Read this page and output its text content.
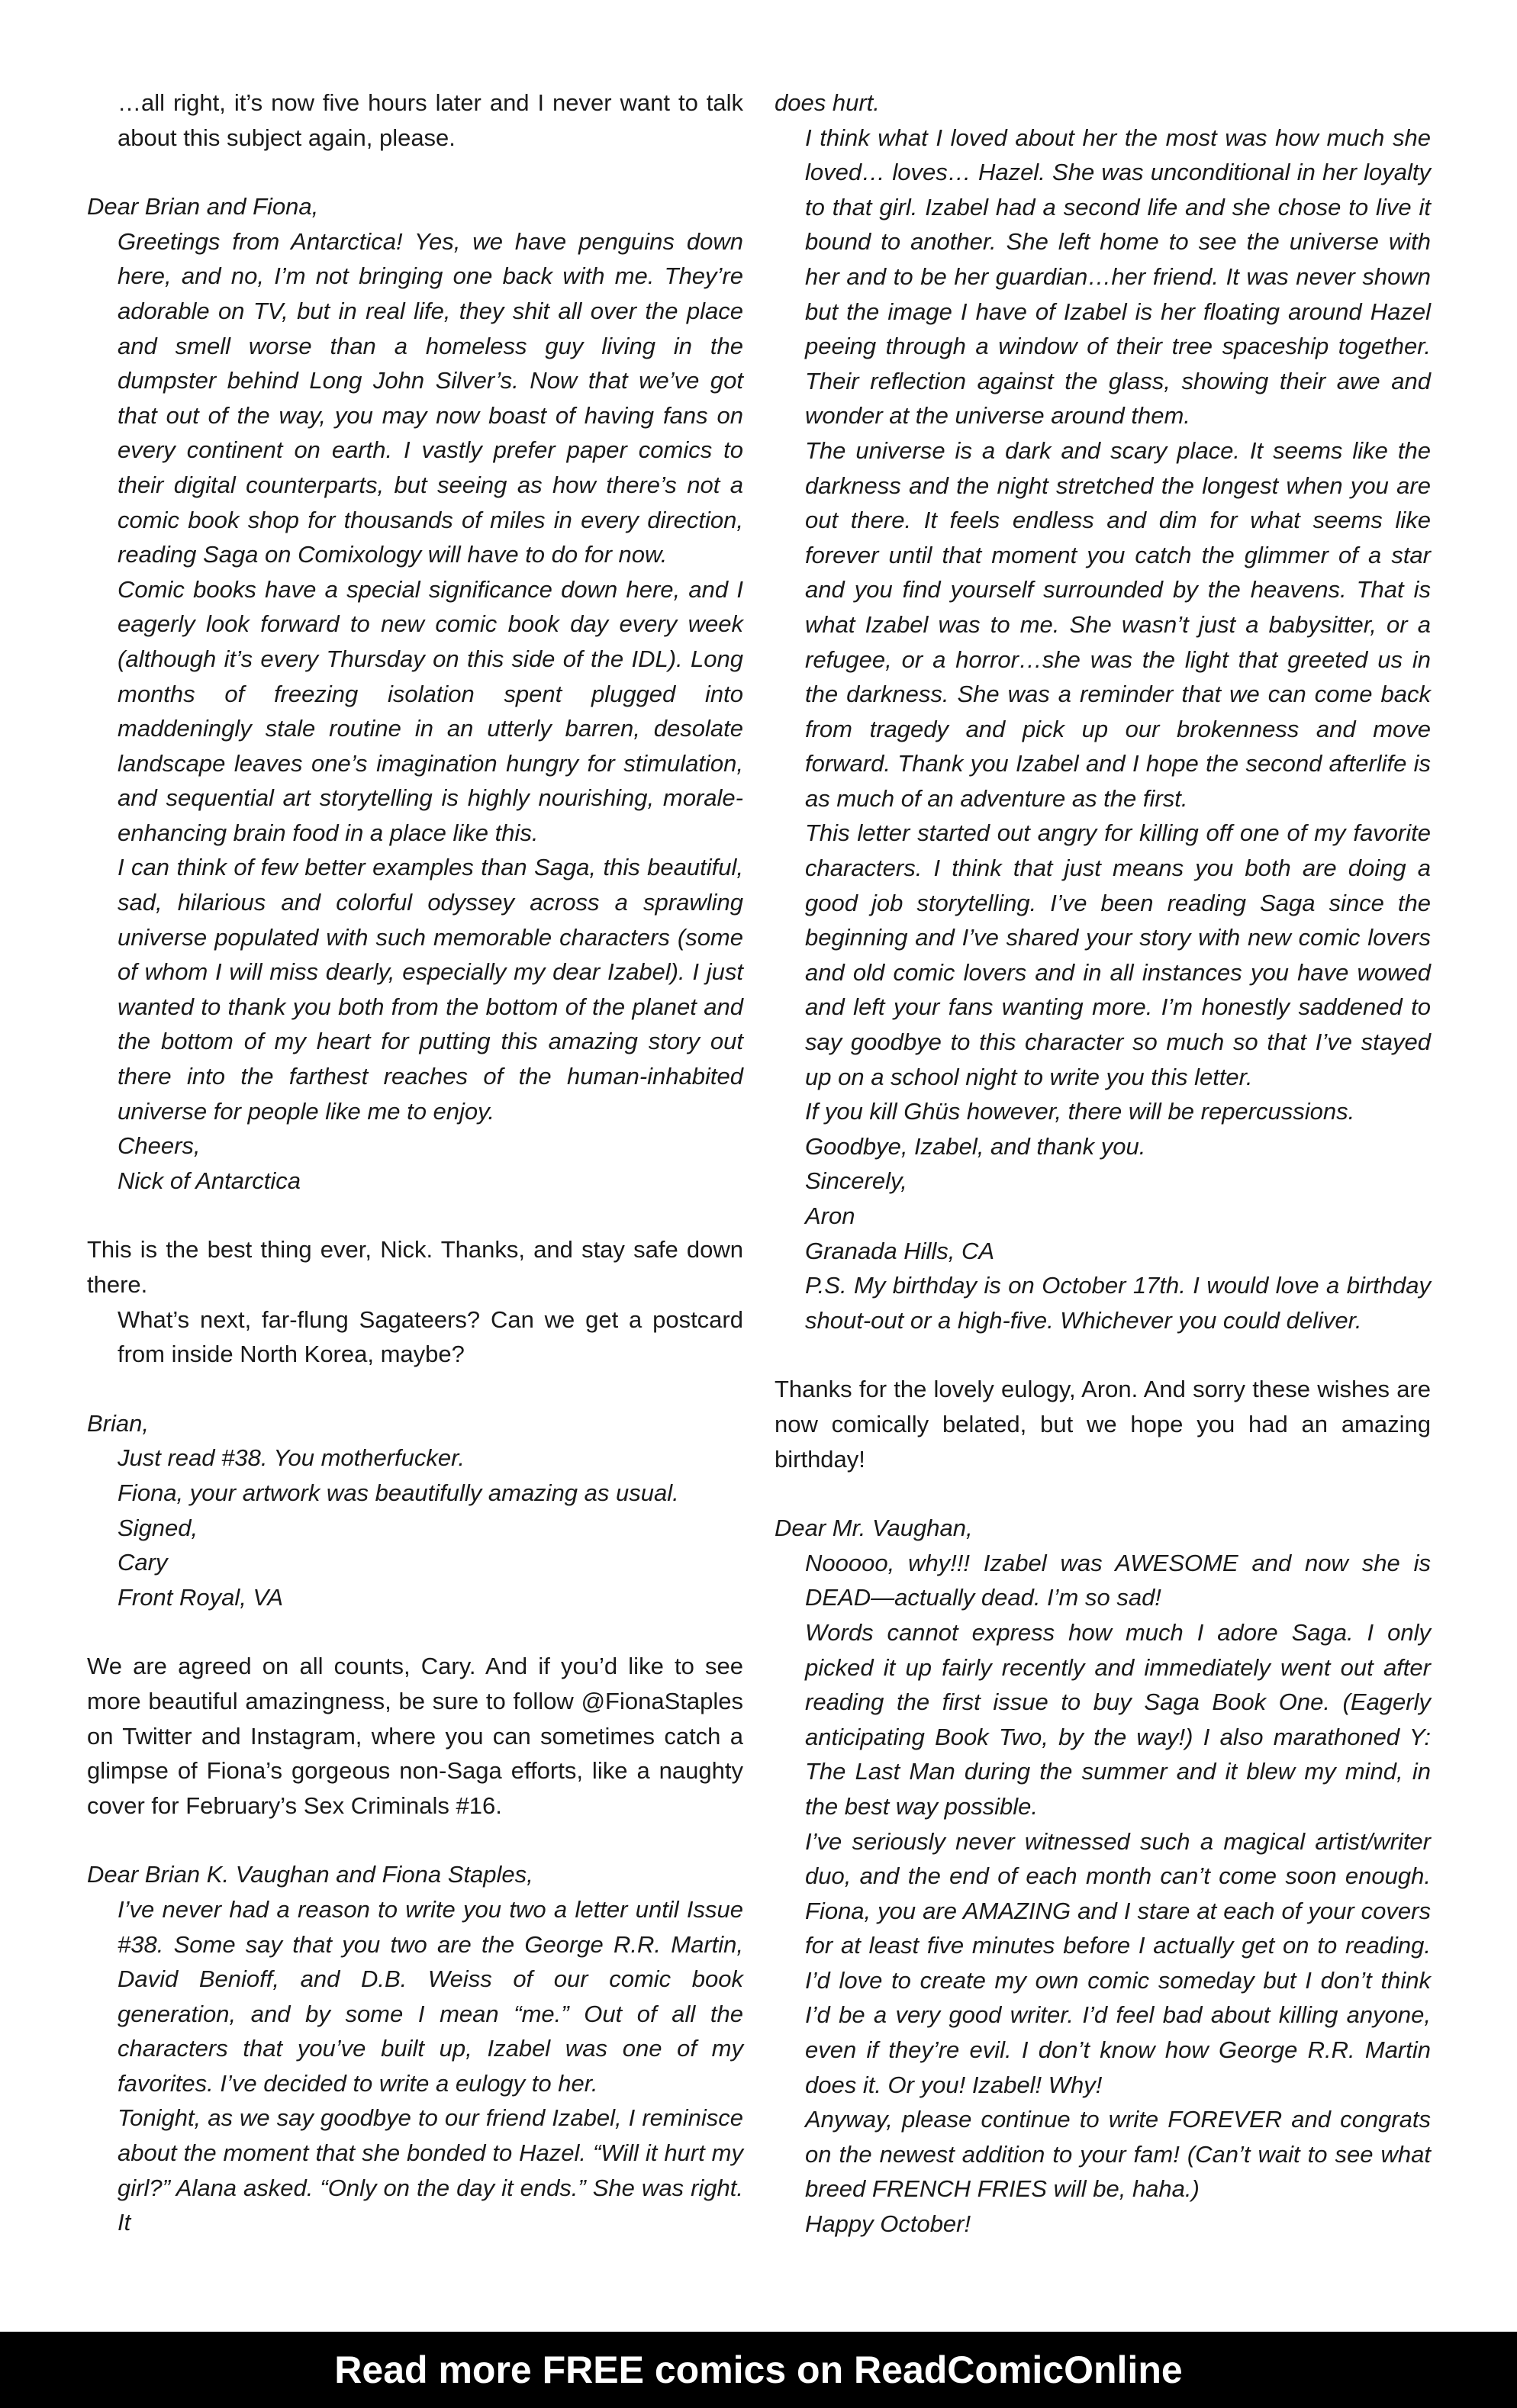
…all right, it’s now five hours later and I never want to talk about this subject again, please.

Dear Brian and Fiona,

Greetings from Antarctica! Yes, we have penguins down here, and no, I’m not bringing one back with me. They’re adorable on TV, but in real life, they shit all over the place and smell worse than a homeless guy living in the dumpster behind Long John Silver’s. Now that we’ve got that out of the way, you may now boast of having fans on every continent on earth. I vastly prefer paper comics to their digital counterparts, but seeing as how there’s not a comic book shop for thousands of miles in every direction, reading Saga on Comixology will have to do for now.

Comic books have a special significance down here, and I eagerly look forward to new comic book day every week (although it’s every Thursday on this side of the IDL). Long months of freezing isolation spent plugged into maddeningly stale routine in an utterly barren, desolate landscape leaves one’s imagination hungry for stimulation, and sequential art storytelling is highly nourishing, morale-enhancing brain food in a place like this.

I can think of few better examples than Saga, this beautiful, sad, hilarious and colorful odyssey across a sprawling universe populated with such memorable characters (some of whom I will miss dearly, especially my dear Izabel). I just wanted to thank you both from the bottom of the planet and the bottom of my heart for putting this amazing story out there into the farthest reaches of the human-inhabited universe for people like me to enjoy.

Cheers,

Nick of Antarctica

This is the best thing ever, Nick. Thanks, and stay safe down there.

What’s next, far-flung Sagateers? Can we get a postcard from inside North Korea, maybe?

Brian,

Just read #38. You motherfucker.

Fiona, your artwork was beautifully amazing as usual.

Signed,

Cary

Front Royal, VA

We are agreed on all counts, Cary. And if you’d like to see more beautiful amazingness, be sure to follow @FionaStaples on Twitter and Instagram, where you can sometimes catch a glimpse of Fiona’s gorgeous non-Saga efforts, like a naughty cover for February’s Sex Criminals #16.

Dear Brian K. Vaughan and Fiona Staples,

I’ve never had a reason to write you two a letter until Issue #38. Some say that you two are the George R.R. Martin, David Benioff, and D.B. Weiss of our comic book generation, and by some I mean “me.” Out of all the characters that you’ve built up, Izabel was one of my favorites. I’ve decided to write a eulogy to her.

Tonight, as we say goodbye to our friend Izabel, I reminisce about the moment that she bonded to Hazel. “Will it hurt my girl?” Alana asked. “Only on the day it ends.” She was right. It

does hurt.

I think what I loved about her the most was how much she loved… loves… Hazel. She was unconditional in her loyalty to that girl. Izabel had a second life and she chose to live it bound to another. She left home to see the universe with her and to be her guardian…her friend. It was never shown but the image I have of Izabel is her floating around Hazel peeing through a window of their tree spaceship together. Their reflection against the glass, showing their awe and wonder at the universe around them.

The universe is a dark and scary place. It seems like the darkness and the night stretched the longest when you are out there. It feels endless and dim for what seems like forever until that moment you catch the glimmer of a star and you find yourself surrounded by the heavens. That is what Izabel was to me. She wasn’t just a babysitter, or a refugee, or a horror…she was the light that greeted us in the darkness. She was a reminder that we can come back from tragedy and pick up our brokenness and move forward. Thank you Izabel and I hope the second afterlife is as much of an adventure as the first.

This letter started out angry for killing off one of my favorite characters. I think that just means you both are doing a good job storytelling. I’ve been reading Saga since the beginning and I’ve shared your story with new comic lovers and old comic lovers and in all instances you have wowed and left your fans wanting more. I’m honestly saddened to say goodbye to this character so much so that I’ve stayed up on a school night to write you this letter.

If you kill Ghüs however, there will be repercussions.

Goodbye, Izabel, and thank you.

Sincerely,

Aron

Granada Hills, CA

P.S. My birthday is on October 17th. I would love a birthday shout-out or a high-five. Whichever you could deliver.

Thanks for the lovely eulogy, Aron. And sorry these wishes are now comically belated, but we hope you had an amazing birthday!

Dear Mr. Vaughan,

Nooooo, why!!! Izabel was AWESOME and now she is DEAD—actually dead. I’m so sad!

Words cannot express how much I adore Saga. I only picked it up fairly recently and immediately went out after reading the first issue to buy Saga Book One. (Eagerly anticipating Book Two, by the way!) I also marathoned Y: The Last Man during the summer and it blew my mind, in the best way possible.

I’ve seriously never witnessed such a magical artist/writer duo, and the end of each month can’t come soon enough. Fiona, you are AMAZING and I stare at each of your covers for at least five minutes before I actually get on to reading. I’d love to create my own comic someday but I don’t think I’d be a very good writer. I’d feel bad about killing anyone, even if they’re evil. I don’t know how George R.R. Martin does it. Or you! Izabel! Why!

Anyway, please continue to write FOREVER and congrats on the newest addition to your fam! (Can’t wait to see what breed FRENCH FRIES will be, haha.)

Happy October!

Read more FREE comics on ReadComicOnline
